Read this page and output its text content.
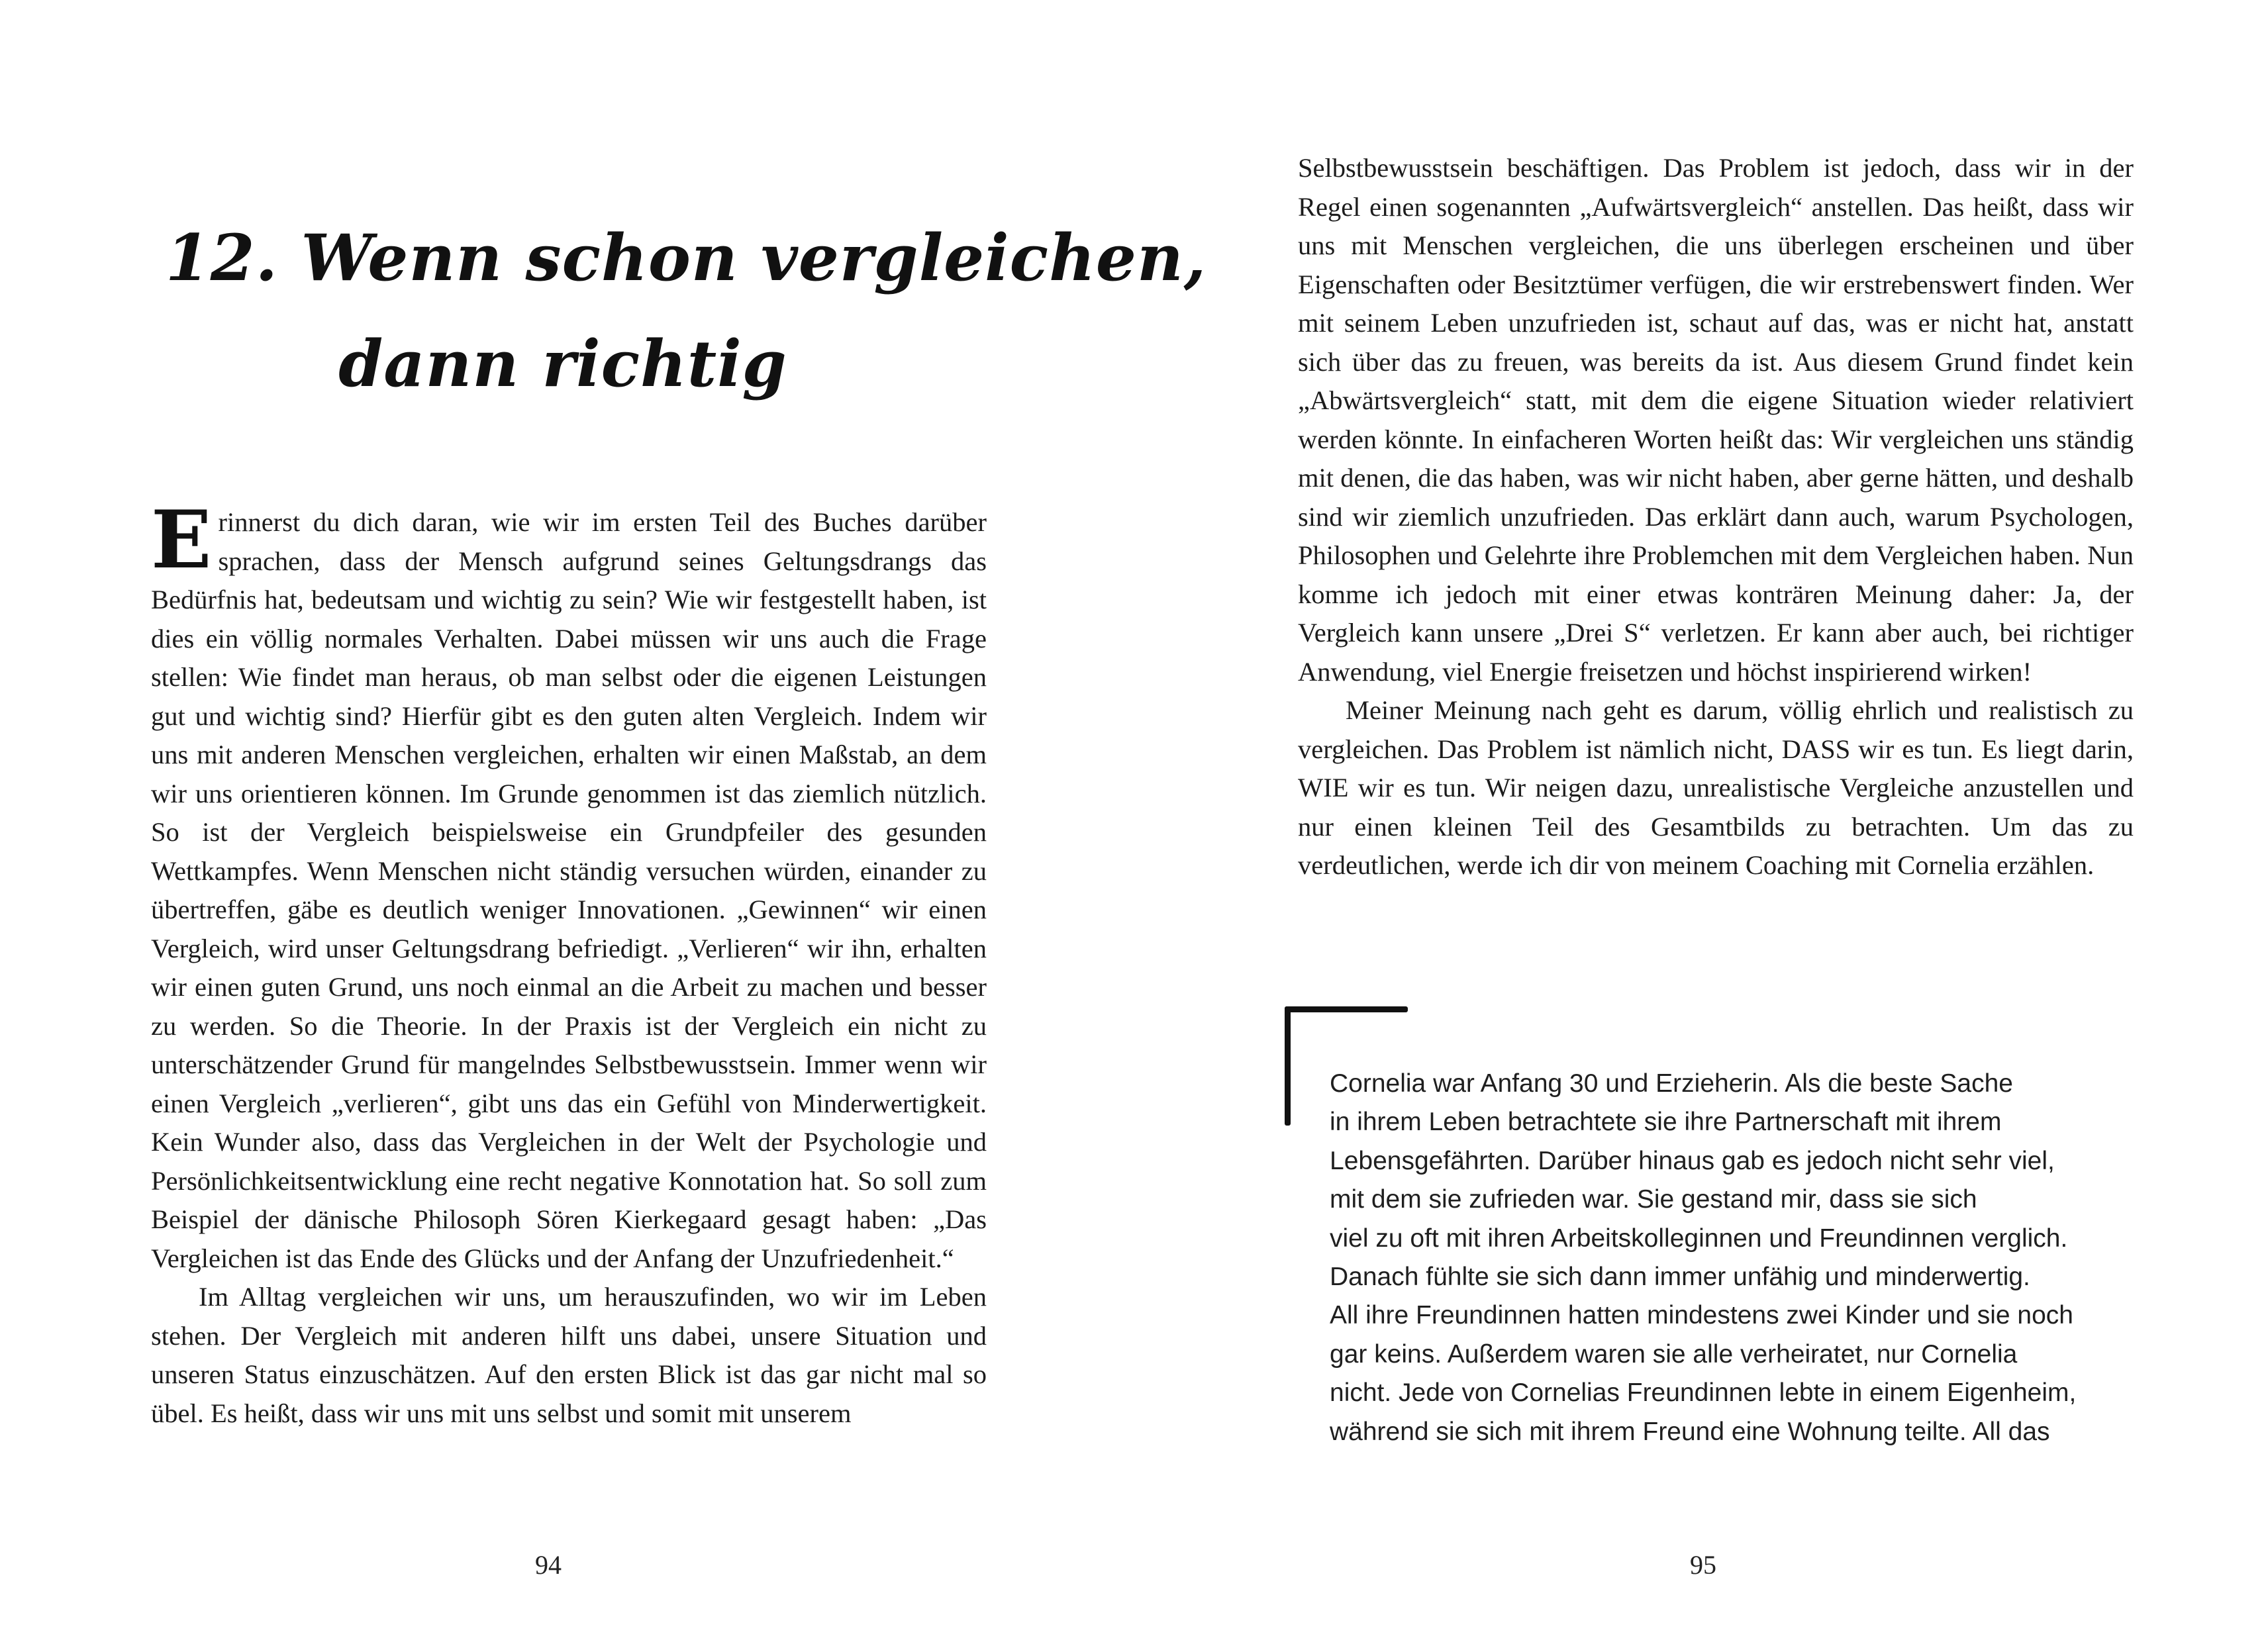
12. Wenn schon vergleichen,
dann richtig

Erinnerst du dich daran, wie wir im ersten Teil des Buches darüber sprachen, dass der Mensch aufgrund seines Geltungsdrangs das Bedürfnis hat, bedeutsam und wichtig zu sein? Wie wir festgestellt haben, ist dies ein völlig normales Verhalten. Dabei müssen wir uns auch die Frage stellen: Wie findet man heraus, ob man selbst oder die eigenen Leistungen gut und wichtig sind? Hierfür gibt es den guten alten Vergleich. Indem wir uns mit anderen Menschen vergleichen, erhalten wir einen Maßstab, an dem wir uns orientieren können. Im Grunde genommen ist das ziemlich nützlich. So ist der Vergleich beispielsweise ein Grundpfeiler des gesunden Wettkampfes. Wenn Menschen nicht ständig versuchen würden, einander zu übertreffen, gäbe es deutlich weniger Innovationen. „Gewinnen“ wir einen Vergleich, wird unser Geltungsdrang befriedigt. „Verlieren“ wir ihn, erhalten wir einen guten Grund, uns noch einmal an die Arbeit zu machen und besser zu werden. So die Theorie. In der Praxis ist der Vergleich ein nicht zu unterschätzender Grund für mangelndes Selbstbewusstsein. Immer wenn wir einen Vergleich „verlieren“, gibt uns das ein Gefühl von Minderwertigkeit. Kein Wunder also, dass das Vergleichen in der Welt der Psychologie und Persönlichkeitsentwicklung eine recht negative Konnotation hat. So soll zum Beispiel der dänische Philosoph Sören Kierkegaard gesagt haben: „Das Vergleichen ist das Ende des Glücks und der Anfang der Unzufriedenheit.“

Im Alltag vergleichen wir uns, um herauszufinden, wo wir im Leben stehen. Der Vergleich mit anderen hilft uns dabei, unsere Situation und unseren Status einzuschätzen. Auf den ersten Blick ist das gar nicht mal so übel. Es heißt, dass wir uns mit uns selbst und somit mit unserem

94

Selbstbewusstsein beschäftigen. Das Problem ist jedoch, dass wir in der Regel einen sogenannten „Aufwärtsvergleich“ anstellen. Das heißt, dass wir uns mit Menschen vergleichen, die uns überlegen erscheinen und über Eigenschaften oder Besitztümer verfügen, die wir erstrebenswert finden. Wer mit seinem Leben unzufrieden ist, schaut auf das, was er nicht hat, anstatt sich über das zu freuen, was bereits da ist. Aus diesem Grund findet kein „Abwärtsvergleich“ statt, mit dem die eigene Situation wieder relativiert werden könnte. In einfacheren Worten heißt das: Wir vergleichen uns ständig mit denen, die das haben, was wir nicht haben, aber gerne hätten, und deshalb sind wir ziemlich unzufrieden. Das erklärt dann auch, warum Psychologen, Philosophen und Gelehrte ihre Problemchen mit dem Vergleichen haben. Nun komme ich jedoch mit einer etwas konträren Meinung daher: Ja, der Vergleich kann unsere „Drei S“ verletzen. Er kann aber auch, bei richtiger Anwendung, viel Energie freisetzen und höchst inspirierend wirken!

Meiner Meinung nach geht es darum, völlig ehrlich und realistisch zu vergleichen. Das Problem ist nämlich nicht, DASS wir es tun. Es liegt darin, WIE wir es tun. Wir neigen dazu, unrealistische Vergleiche anzustellen und nur einen kleinen Teil des Gesamtbilds zu betrachten. Um das zu verdeutlichen, werde ich dir von meinem Coaching mit Cornelia erzählen.

Cornelia war Anfang 30 und Erzieherin. Als die beste Sache
in ihrem Leben betrachtete sie ihre Partnerschaft mit ihrem
Lebensgefährten. Darüber hinaus gab es jedoch nicht sehr viel,
mit dem sie zufrieden war. Sie gestand mir, dass sie sich
viel zu oft mit ihren Arbeitskolleginnen und Freundinnen verglich.
Danach fühlte sie sich dann immer unfähig und minderwertig.
All ihre Freundinnen hatten mindestens zwei Kinder und sie noch
gar keins. Außerdem waren sie alle verheiratet, nur Cornelia
nicht. Jede von Cornelias Freundinnen lebte in einem Eigenheim,
während sie sich mit ihrem Freund eine Wohnung teilte. All das
95
